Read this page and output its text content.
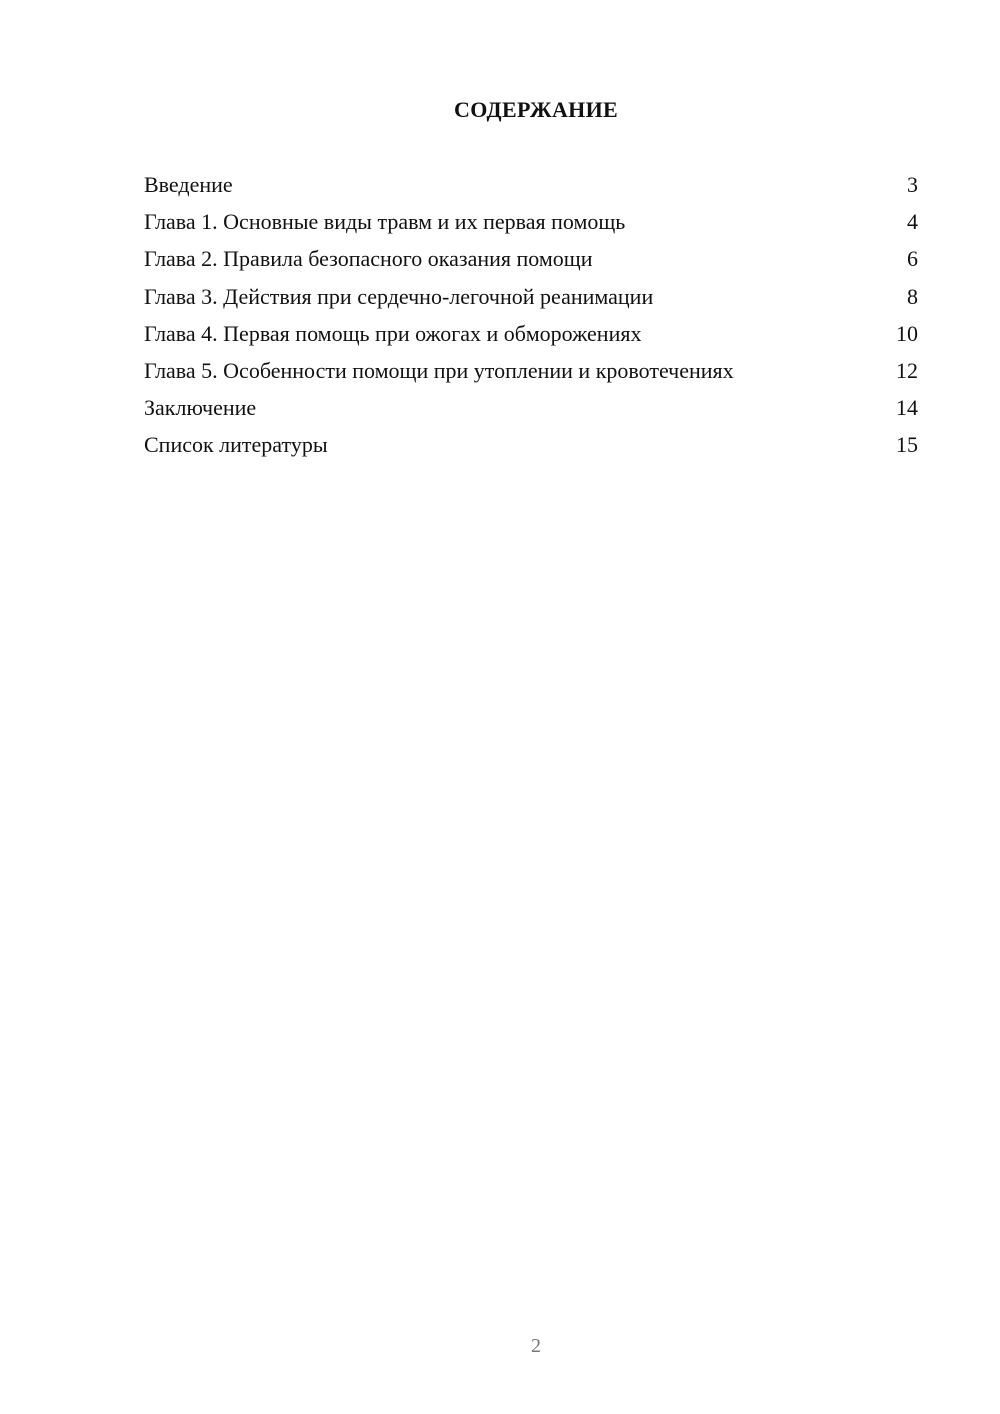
СОДЕРЖАНИЕ
Введение	3
Глава 1. Основные виды травм и их первая помощь	4
Глава 2. Правила безопасного оказания помощи	6
Глава 3. Действия при сердечно-легочной реанимации	8
Глава 4. Первая помощь при ожогах и обморожениях	10
Глава 5. Особенности помощи при утоплении и кровотечениях	12
Заключение	14
Список литературы	15
2
